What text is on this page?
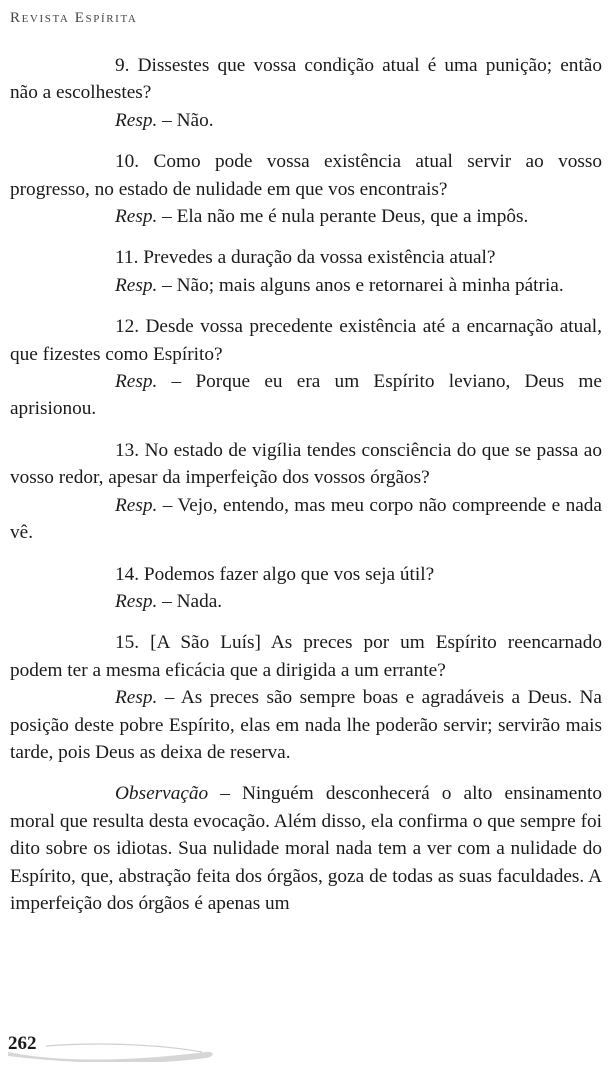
Revista Espírita

9. Dissestes que vossa condição atual é uma punição; então não a escolhestes?

Resp. – Não.

10. Como pode vossa existência atual servir ao vosso progresso, no estado de nulidade em que vos encontrais?

Resp. – Ela não me é nula perante Deus, que a impôs.

11. Prevedes a duração da vossa existência atual?

Resp. – Não; mais alguns anos e retornarei à minha pátria.

12. Desde vossa precedente existência até a encarnação atual, que fizestes como Espírito?

Resp. – Porque eu era um Espírito leviano, Deus me aprisionou.

13. No estado de vigília tendes consciência do que se passa ao vosso redor, apesar da imperfeição dos vossos órgãos?

Resp. – Vejo, entendo, mas meu corpo não compreende e nada vê.

14. Podemos fazer algo que vos seja útil?

Resp. – Nada.

15. [A São Luís] As preces por um Espírito reencarnado podem ter a mesma eficácia que a dirigida a um errante?

Resp. – As preces são sempre boas e agradáveis a Deus. Na posição deste pobre Espírito, elas em nada lhe poderão servir; servirão mais tarde, pois Deus as deixa de reserva.

Observação – Ninguém desconhecerá o alto ensinamento moral que resulta desta evocação. Além disso, ela confirma o que sempre foi dito sobre os idiotas. Sua nulidade moral nada tem a ver com a nulidade do Espírito, que, abstração feita dos órgãos, goza de todas as suas faculdades. A imperfeição dos órgãos é apenas um

262
